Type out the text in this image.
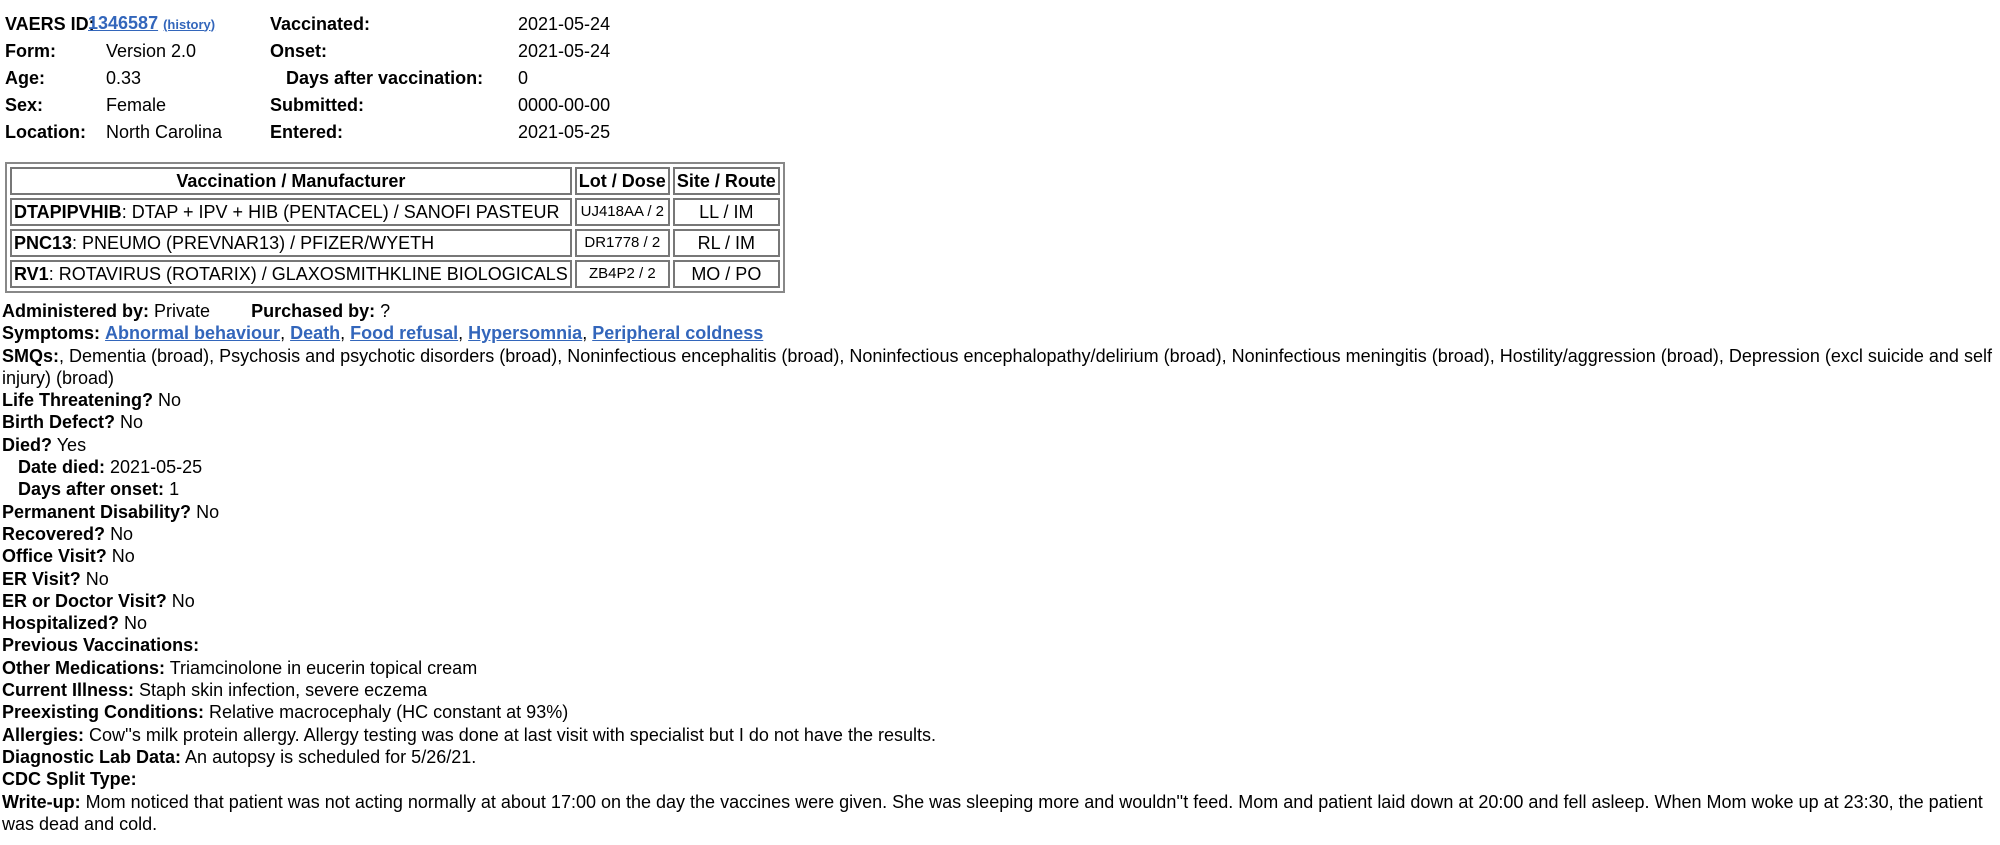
VAERS ID:	1346587 (history)	Vaccinated:	2021-05-24
Form:	Version 2.0	Onset:	2021-05-24
Age:	0.33	Days after vaccination:	0
Sex:	Female	Submitted:	0000-00-00
Location:	North Carolina	Entered:	2021-05-25
Vaccination / Manufacturer	Lot / Dose	Site / Route
DTAPIPVHIB: DTAP + IPV + HIB (PENTACEL) / SANOFI PASTEUR	UJ418AA / 2	LL / IM
PNC13: PNEUMO (PREVNAR13) / PFIZER/WYETH	DR1778 / 2	RL / IM
RV1: ROTAVIRUS (ROTARIX) / GLAXOSMITHKLINE BIOLOGICALS	ZB4P2 / 2	MO / PO
Administered by: Private Purchased by: ?
Symptoms: Abnormal behaviour, Death, Food refusal, Hypersomnia, Peripheral coldness
SMQs:, Dementia (broad), Psychosis and psychotic disorders (broad), Noninfectious encephalitis (broad), Noninfectious encephalopathy/delirium (broad), Noninfectious meningitis (broad), Hostility/aggression (broad), Depression (excl suicide and self injury) (broad)
Life Threatening? No
Birth Defect? No
Died? Yes
Date died: 2021-05-25
Days after onset: 1
Permanent Disability? No
Recovered? No
Office Visit? No
ER Visit? No
ER or Doctor Visit? No
Hospitalized? No
Previous Vaccinations:
Other Medications: Triamcinolone in eucerin topical cream
Current Illness: Staph skin infection, severe eczema
Preexisting Conditions: Relative macrocephaly (HC constant at 93%)
Allergies: Cow''s milk protein allergy. Allergy testing was done at last visit with specialist but I do not have the results.
Diagnostic Lab Data: An autopsy is scheduled for 5/26/21.
CDC Split Type:
Write-up: Mom noticed that patient was not acting normally at about 17:00 on the day the vaccines were given. She was sleeping more and wouldn''t feed. Mom and patient laid down at 20:00 and fell asleep. When Mom woke up at 23:30, the patient was dead and cold.
